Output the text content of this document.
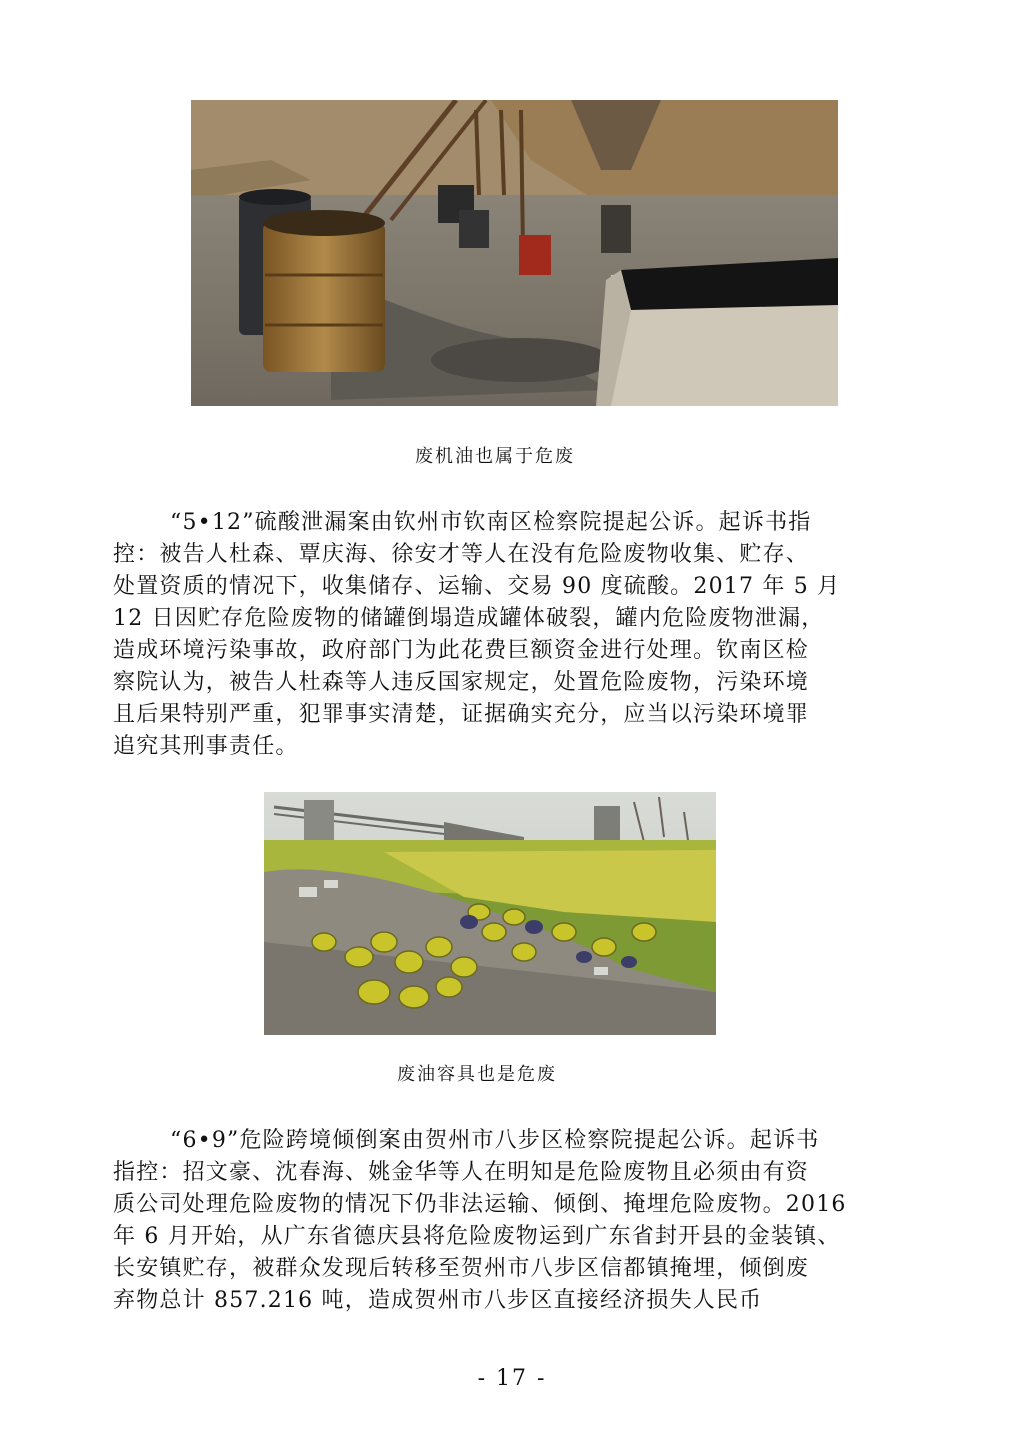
废机油也属于危废
“5•12”硫酸泄漏案由钦州市钦南区检察院提起公诉。起诉书指
控：被告人杜森、覃庆海、徐安才等人在没有危险废物收集、贮存、
处置资质的情况下，收集储存、运输、交易 90 度硫酸。2017 年 5 月
12 日因贮存危险废物的储罐倒塌造成罐体破裂，罐内危险废物泄漏，
造成环境污染事故，政府部门为此花费巨额资金进行处理。钦南区检
察院认为，被告人杜森等人违反国家规定，处置危险废物，污染环境
且后果特别严重，犯罪事实清楚，证据确实充分，应当以污染环境罪
追究其刑事责任。
废油容具也是危废
“6•9”危险跨境倾倒案由贺州市八步区检察院提起公诉。起诉书
指控：招文豪、沈春海、姚金华等人在明知是危险废物且必须由有资
质公司处理危险废物的情况下仍非法运输、倾倒、掩埋危险废物。2016
年 6 月开始，从广东省德庆县将危险废物运到广东省封开县的金装镇、
长安镇贮存，被群众发现后转移至贺州市八步区信都镇掩埋，倾倒废
弃物总计 857.216 吨，造成贺州市八步区直接经济损失人民币
- 17 -
